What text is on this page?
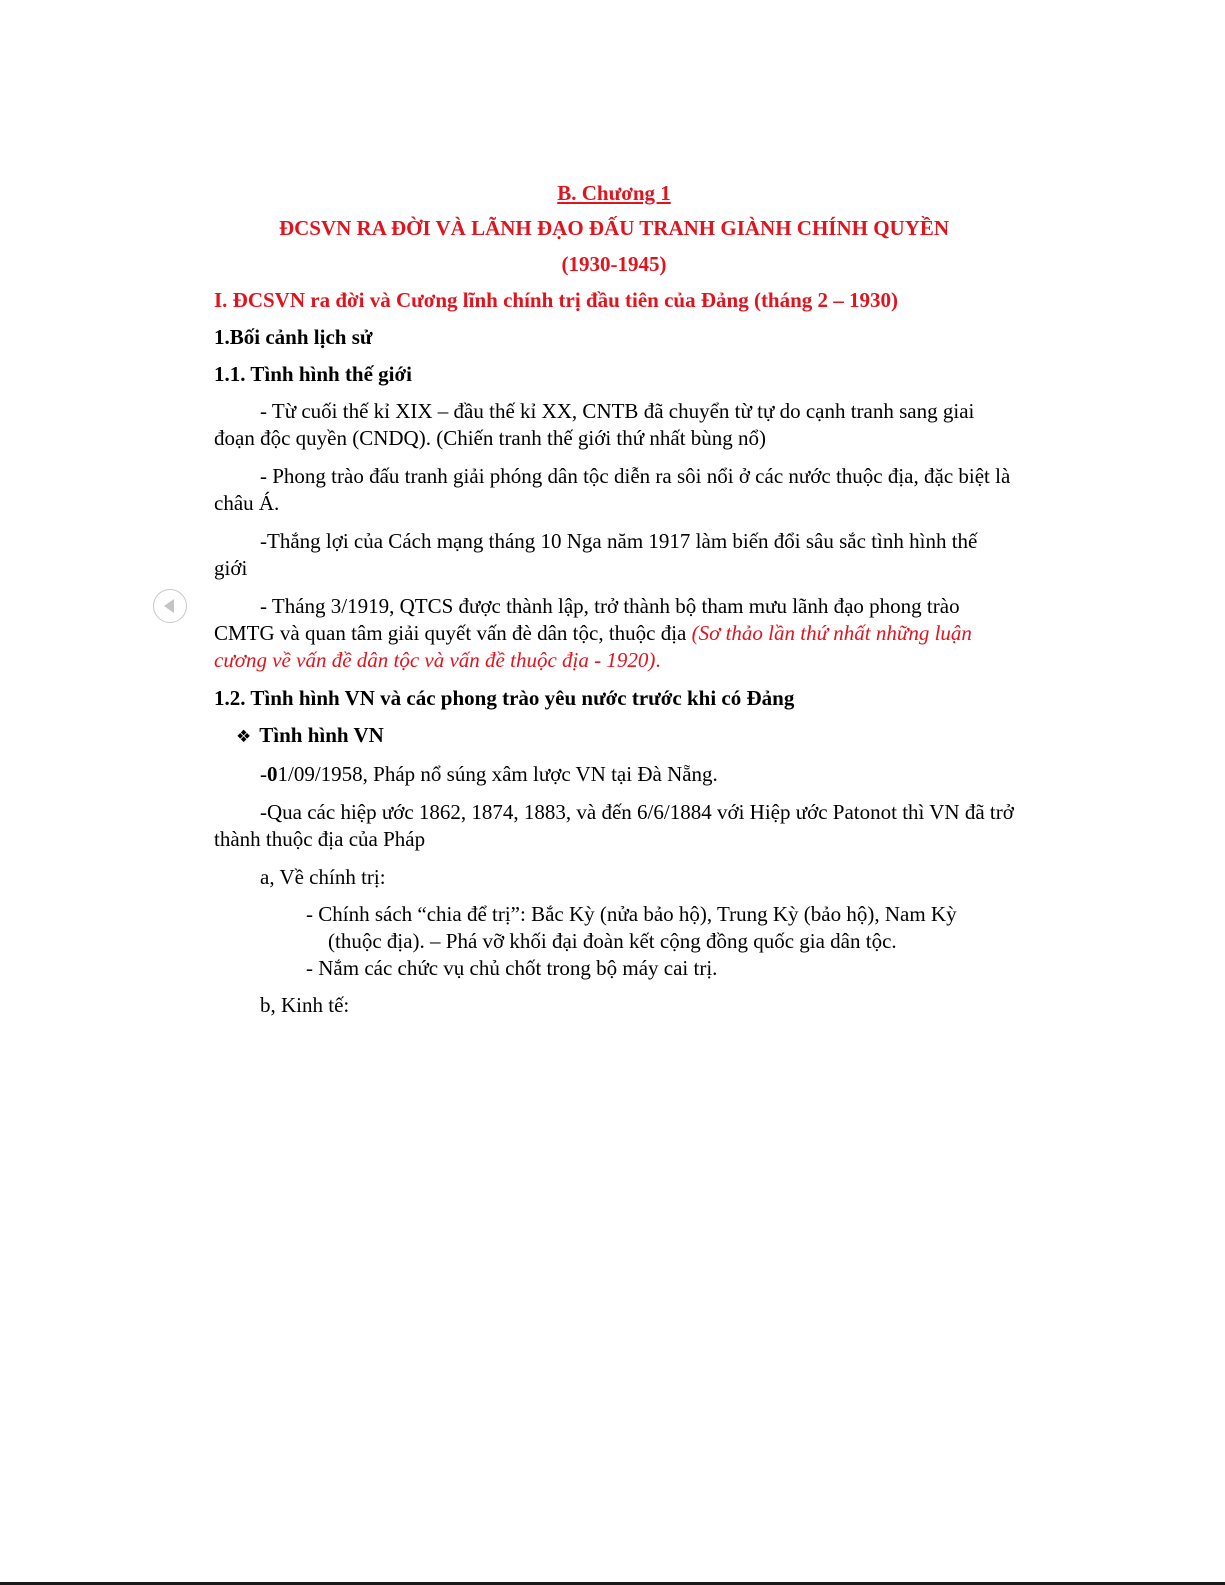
B. Chương 1
ĐCSVN RA ĐỜI VÀ LÃNH ĐẠO ĐẤU TRANH GIÀNH CHÍNH QUYỀN
(1930-1945)
I. ĐCSVN ra đời và Cương lĩnh chính trị đầu tiên của Đảng (tháng 2 – 1930)
1.Bối cảnh lịch sử
1.1. Tình hình thế giới

- Từ cuối thế kỉ XIX – đầu thế kỉ XX, CNTB đã chuyển từ tự do cạnh tranh sang giai đoạn độc quyền (CNDQ). (Chiến tranh thế giới thứ nhất bùng nổ)

- Phong trào đấu tranh giải phóng dân tộc diễn ra sôi nổi ở các nước thuộc địa, đặc biệt là châu Á.

-Thắng lợi của Cách mạng tháng 10 Nga năm 1917 làm biến đổi sâu sắc tình hình thế giới

- Tháng 3/1919, QTCS được thành lập, trở thành bộ tham mưu lãnh đạo phong trào CMTG và quan tâm giải quyết vấn đè dân tộc, thuộc địa (Sơ thảo lần thứ nhất những luận cương về vấn đề dân tộc và vấn đề thuộc địa - 1920).

1.2. Tình hình VN và các phong trào yêu nước trước khi có Đảng
❖ Tình hình VN

-01/09/1958, Pháp nổ súng xâm lược VN tại Đà Nẵng.

-Qua các hiệp ước 1862, 1874, 1883, và đến 6/6/1884 với Hiệp ước Patonot thì VN đã trở thành thuộc địa của Pháp

a, Về chính trị:
- Chính sách “chia để trị”: Bắc Kỳ (nửa bảo hộ), Trung Kỳ (bảo hộ), Nam Kỳ (thuộc địa). – Phá vỡ khối đại đoàn kết cộng đồng quốc gia dân tộc.
- Nắm các chức vụ chủ chốt trong bộ máy cai trị.
b, Kinh tế:
